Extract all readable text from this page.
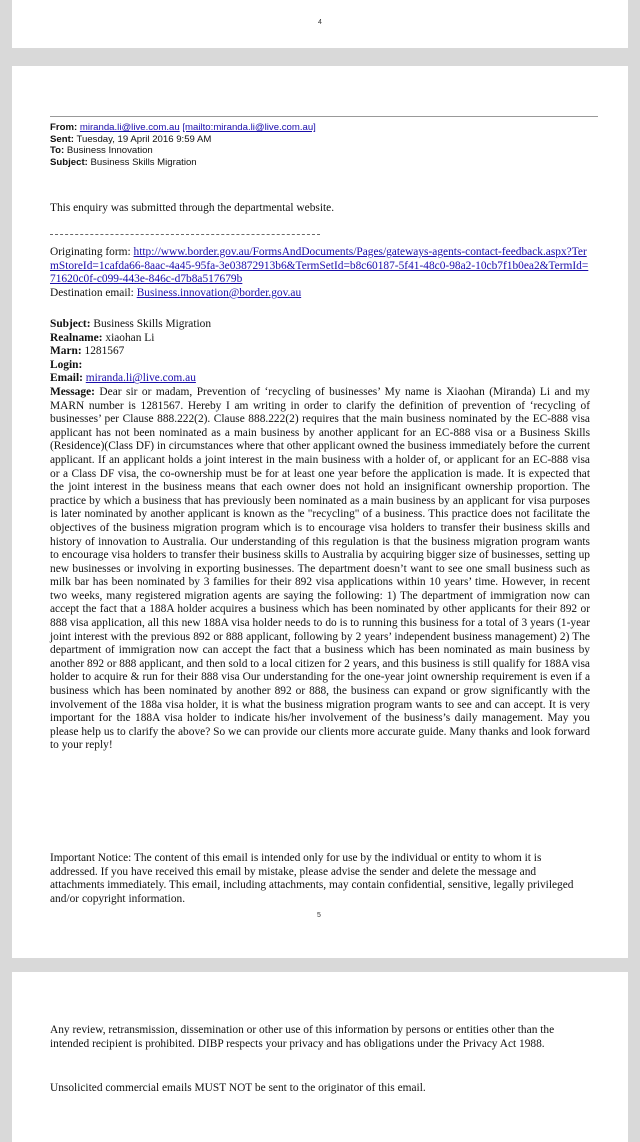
4
From: miranda.li@live.com.au [mailto:miranda.li@live.com.au]
Sent: Tuesday, 19 April 2016 9:59 AM
To: Business Innovation
Subject: Business Skills Migration
This enquiry was submitted through the departmental website.
Originating form: http://www.border.gov.au/FormsAndDocuments/Pages/gateways-agents-contact-feedback.aspx?TermStoreId=1cafda66-8aac-4a45-95fa-3e03872913b6&TermSetId=b8c60187-5f41-48c0-98a2-10cb7f1b0ea2&TermId=71620c0f-c099-443e-846c-d7b8a517679b
Destination email: Business.innovation@border.gov.au
Subject: Business Skills Migration
Realname: xiaohan Li
Marn: 1281567
Login:
Email: miranda.li@live.com.au

Message: Dear sir or madam, Prevention of ‘recycling of businesses’ My name is Xiaohan (Miranda) Li and my MARN number is 1281567. Hereby I am writing in order to clarify the definition of prevention of ‘recycling of businesses’ per Clause 888.222(2). Clause 888.222(2) requires that the main business nominated by the EC-888 visa applicant has not been nominated as a main business by another applicant for an EC-888 visa or a Business Skills (Residence)(Class DF) in circumstances where that other applicant owned the business immediately before the current applicant. If an applicant holds a joint interest in the main business with a holder of, or applicant for an EC-888 visa or a Class DF visa, the co-ownership must be for at least one year before the application is made. It is expected that the joint interest in the business means that each owner does not hold an insignificant ownership proportion. The practice by which a business that has previously been nominated as a main business by an applicant for visa purposes is later nominated by another applicant is known as the "recycling" of a business. This practice does not facilitate the objectives of the business migration program which is to encourage visa holders to transfer their business skills and history of innovation to Australia. Our understanding of this regulation is that the business migration program wants to encourage visa holders to transfer their business skills to Australia by acquiring bigger size of businesses, setting up new businesses or involving in exporting businesses. The department doesn’t want to see one small business such as milk bar has been nominated by 3 families for their 892 visa applications within 10 years’ time. However, in recent two weeks, many registered migration agents are saying the following: 1) The department of immigration now can accept the fact that a 188A holder acquires a business which has been nominated by other applicants for their 892 or 888 visa application, all this new 188A visa holder needs to do is to running this business for a total of 3 years (1-year joint interest with the previous 892 or 888 applicant, following by 2 years’ independent business management) 2) The department of immigration now can accept the fact that a business which has been nominated as main business by another 892 or 888 applicant, and then sold to a local citizen for 2 years, and this business is still qualify for 188A visa holder to acquire & run for their 888 visa Our understanding for the one-year joint ownership requirement is even if a business which has been nominated by another 892 or 888, the business can expand or grow significantly with the involvement of the 188a visa holder, it is what the business migration program wants to see and can accept. It is very important for the 188A visa holder to indicate his/her involvement of the business’s daily management. May you please help us to clarify the above? So we can provide our clients more accurate guide. Many thanks and look forward to your reply!

Important Notice: The content of this email is intended only for use by the individual or entity to whom it is addressed. If you have received this email by mistake, please advise the sender and delete the message and attachments immediately. This email, including attachments, may contain confidential, sensitive, legally privileged and/or copyright information.
5
Any review, retransmission, dissemination or other use of this information by persons or entities other than the intended recipient is prohibited. DIBP respects your privacy and has obligations under the Privacy Act 1988.
Unsolicited commercial emails MUST NOT be sent to the originator of this email.
